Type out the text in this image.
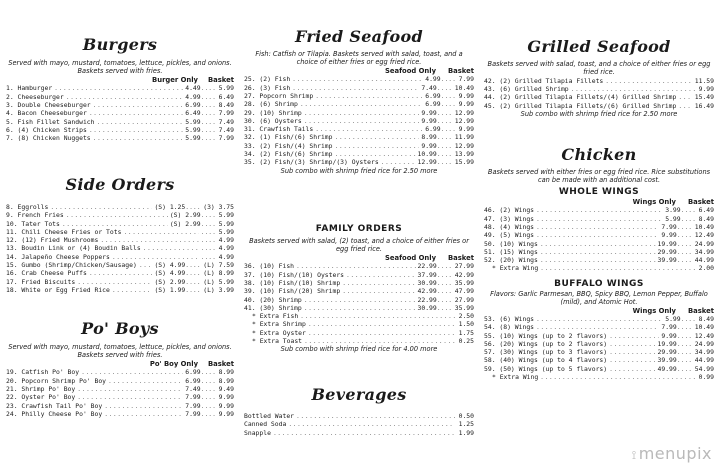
Burgers

Served with mayo, mustard, tomatoes, lettuce, pickles, and onions. Baskets served with fries.

Burger Only	Basket
1. Hamburger .....	4.49 .....	5.99
2. Cheeseburger .....	4.99 .....	6.49
3. Double Cheeseburger .....	6.99 .....	8.49
4. Bacon Cheeseburger .....	6.49 .....	7.99
5. Fish Fillet Sandwich .....	5.99 .....	7.49
6. (4) Chicken Strips .....	5.99 .....	7.49
7. (8) Chicken Nuggets .....	5.99 .....	7.99
Side Orders
8. Eggrolls .....	(S) 1.25 .....	(3) 3.75
9. French Fries .....	(S) 2.99 .....	5.99
10. Tater Tots .....	(S) 2.99 .....	5.99
11. Chili Cheese Fries or Tots ..... .....	5.99
12. (12) Fried Mushrooms ..... .....	4.99
13. Boudin Link or (4) Boudin Balls ..... .....	4.99
14. Jalapeño Cheese Poppers ..... .....	4.99
15. Gumbo (Shrimp/Chicken/Sausage) .....	(S) 4.99 .....	(L) 7.59
16. Crab Cheese Puffs .....	(S) 4.99 .....	(L) 8.99
17. Fried Biscuits .....	(S) 2.99 .....	(L) 5.99
18. White or Egg Fried Rice .....	(S) 1.99 .....	(L) 3.99
Po' Boys

Served with mayo, mustard, tomatoes, lettuce, pickles, and onions. Baskets served with fries.

Po' Boy Only	Basket
19. Catfish Po' Boy .....	6.99 .....	8.99
20. Popcorn Shrimp Po' Boy .....	6.99 .....	8.99
21. Shrimp Po' Boy .....	7.49 .....	9.49
22. Oyster Po' Boy .....	7.99 .....	9.99
23. Crawfish Tail Po' Boy .....	7.99 .....	9.99
24. Philly Cheese Po' Boy .....	7.99 .....	9.99
Fried Seafood

Fish: Catfish or Tilapia. Baskets served with salad, toast, and a choice of either fries or egg fried rice.

Seafood Only	Basket
25. (2) Fish .....	4.99 .....	7.99
26. (3) Fish .....	7.49 .....	10.49
27. Popcorn Shrimp .....	6.99 .....	9.99
28. (6) Shrimp .....	6.99 .....	9.99
29. (10) Shrimp .....	9.99 .....	12.99
30. (6) Oysters .....	9.99 .....	12.99
31. Crawfish Tails .....	6.99 .....	9.99
32. (1) Fish/(6) Shrimp .....	8.99 .....	11.99
33. (2) Fish/(4) Shrimp .....	9.99 .....	12.99
34. (2) Fish/(6) Shrimp .....	10.99 .....	13.99
35. (2) Fish/(3) Shrimp/(3) Oysters .....	12.99 .....	15.99
Sub combo with shrimp fried rice for 2.50 more
FAMILY ORDERS

Baskets served with salad, (2) toast, and a choice of either fries or egg fried rice.

Seafood Only	Basket
36. (10) Fish .....	22.99 .....	27.99
37. (10) Fish/(10) Oysters .....	37.99 .....	42.99
38. (10) Fish/(10) Shrimp .....	30.99 .....	35.99
39. (10) Fish/(20) Shrimp .....	42.99 .....	47.99
40. (20) Shrimp .....	22.99 .....	27.99
41. (30) Shrimp .....	30.99 .....	35.99
* Extra Fish .....	2.50
* Extra Shrimp .....	1.50
* Extra Oyster .....	1.75
* Extra Toast .....	0.25
Sub combo with shrimp fried rice for 4.00 more
Beverages
Bottled Water .....	0.50
Canned Soda .....	1.25
Snapple .....	1.99
Grilled Seafood

Baskets served with salad, toast, and a choice of either fries or egg fried rice.

42. (2) Grilled Tilapia Fillets .....	11.59
43. (6) Grilled Shrimp .....	9.99
44. (2) Grilled Tilapia Fillets/(4) Grilled Shrimp .....	15.49
45. (2) Grilled Tilapia Fillets/(6) Grilled Shrimp .....	16.49
Sub combo with shrimp fried rice for 2.50 more
Chicken

Baskets served with either fries or egg fried rice. Rice substitutions can be made with an additional cost.

WHOLE WINGS
Wings Only	Basket
46. (2) Wings .....	3.99 .....	6.49
47. (3) Wings .....	5.99 .....	8.49
48. (4) Wings .....	7.99 .....	10.49
49. (5) Wings .....	9.99 .....	12.49
50. (10) Wings .....	19.99 .....	24.99
51. (15) Wings .....	29.99 .....	34.99
52. (20) Wings .....	39.99 .....	44.99
* Extra Wing .....	2.00
BUFFALO WINGS

Flavors: Garlic Parmesan, BBQ, Spicy BBQ, Lemon Pepper, Buffalo (mild), and Atomic Hot.

Wings Only	Basket
53. (6) Wings .....	5.99 .....	8.49
54. (8) Wings .....	7.99 .....	10.49
55. (10) Wings (up to 2 flavors) .....	9.99 .....	12.49
56. (20) Wings (up to 2 flavors) .....	19.99 .....	24.99
57. (30) Wings (up to 3 flavors) .....	29.99 .....	34.99
58. (40) Wings (up to 4 flavors) .....	39.99 .....	44.99
59. (50) Wings (up to 5 flavors) .....	49.99 .....	54.99
* Extra Wing .....	0.99
⟟ menupix
